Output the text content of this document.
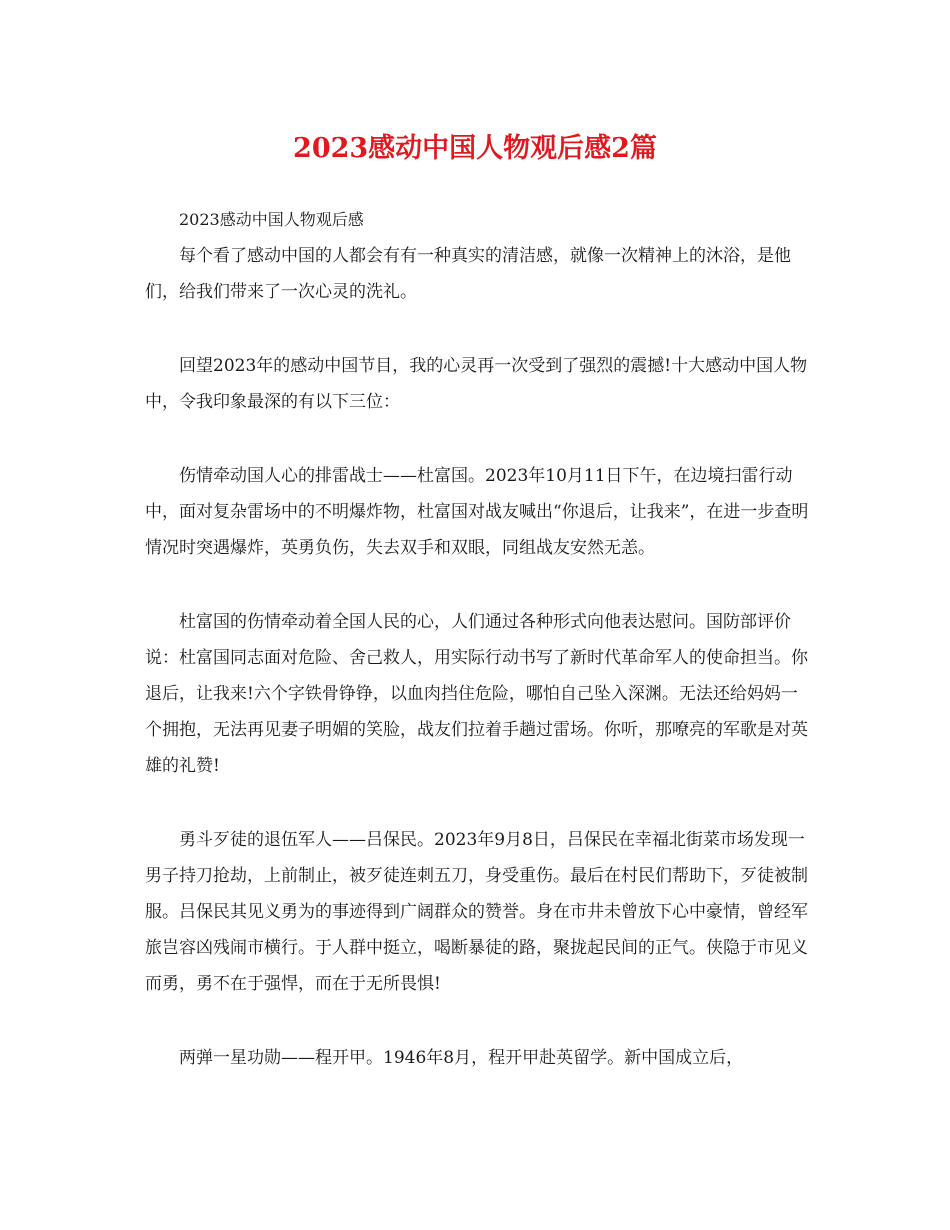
2023感动中国人物观后感2篇

2023感动中国人物观后感

每个看了感动中国的人都会有有一种真实的清洁感，就像一次精神上的沐浴，是他们，给我们带来了一次心灵的洗礼。

回望2023年的感动中国节目，我的心灵再一次受到了强烈的震撼!十大感动中国人物中，令我印象最深的有以下三位：

伤情牵动国人心的排雷战士——杜富国。2023年10月11日下午，在边境扫雷行动中，面对复杂雷场中的不明爆炸物，杜富国对战友喊出“你退后，让我来”，在进一步查明情况时突遇爆炸，英勇负伤，失去双手和双眼，同组战友安然无恙。

杜富国的伤情牵动着全国人民的心，人们通过各种形式向他表达慰问。国防部评价说：杜富国同志面对危险、舍己救人，用实际行动书写了新时代革命军人的使命担当。你退后，让我来!六个字铁骨铮铮，以血肉挡住危险，哪怕自己坠入深渊。无法还给妈妈一个拥抱，无法再见妻子明媚的笑脸，战友们拉着手趟过雷场。你听，那嘹亮的军歌是对英雄的礼赞!

勇斗歹徒的退伍军人——吕保民。2023年9月8日，吕保民在幸福北街菜市场发现一男子持刀抢劫，上前制止，被歹徒连刺五刀，身受重伤。最后在村民们帮助下，歹徒被制服。吕保民其见义勇为的事迹得到广阔群众的赞誉。身在市井未曾放下心中豪情，曾经军旅岂容凶残闹市横行。于人群中挺立，喝断暴徒的路，聚拢起民间的正气。侠隐于市见义而勇，勇不在于强悍，而在于无所畏惧!

两弹一星功勋——程开甲。1946年8月，程开甲赴英留学。新中国成立后，
